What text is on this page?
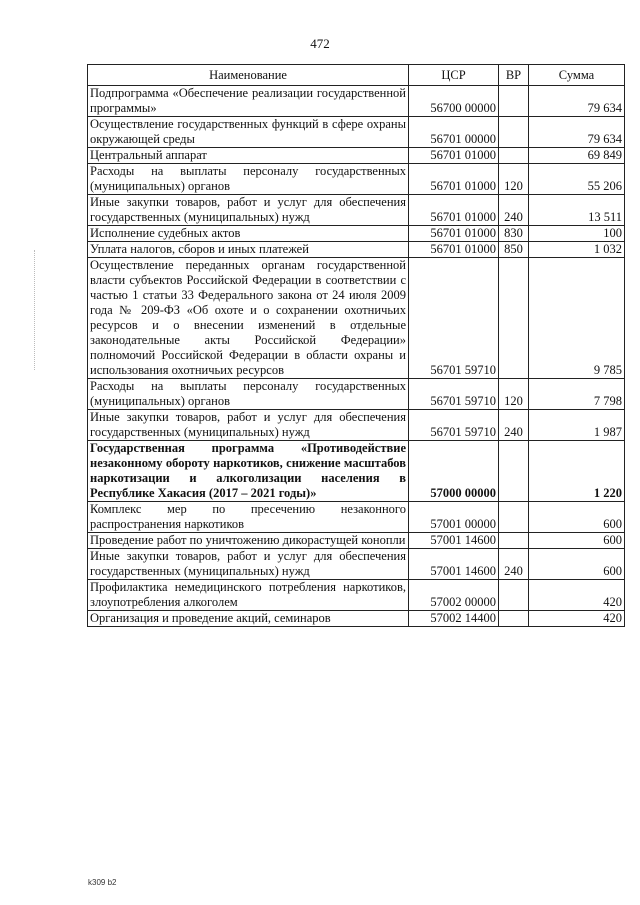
472
Наименование	ЦСР	ВР	Сумма
Подпрограмма «Обеспечение реализации государственной программы»	56700 00000		79 634
Осуществление государственных функций в сфере охраны окружающей среды	56701 00000		79 634
Центральный аппарат	56701 01000		69 849
Расходы на выплаты персоналу государственных (муниципальных) органов	56701 01000	120	55 206
Иные закупки товаров, работ и услуг для обеспечения государственных (муниципальных) нужд	56701 01000	240	13 511
Исполнение судебных актов	56701 01000	830	100
Уплата налогов, сборов и иных платежей	56701 01000	850	1 032
Осуществление переданных органам государственной власти субъектов Российской Федерации в соответствии с частью 1 статьи 33 Федерального закона от 24 июля 2009 года № 209-ФЗ «Об охоте и о сохранении охотничьих ресурсов и о внесении изменений в отдельные законодательные акты Российской Федерации» полномочий Российской Федерации в области охраны и использования охотничьих ресурсов	56701 59710		9 785
Расходы на выплаты персоналу государственных (муниципальных) органов	56701 59710	120	7 798
Иные закупки товаров, работ и услуг для обеспечения государственных (муниципальных) нужд	56701 59710	240	1 987
Государственная программа «Противодействие незаконному обороту наркотиков, снижение масштабов наркотизации и алкоголизации населения в Республике Хакасия (2017 – 2021 годы)»	57000 00000		1 220
Комплекс мер по пресечению незаконного распространения наркотиков	57001 00000		600
Проведение работ по уничтожению дикорастущей конопли	57001 14600		600
Иные закупки товаров, работ и услуг для обеспечения государственных (муниципальных) нужд	57001 14600	240	600
Профилактика немедицинского потребления наркотиков, злоупотребления алкоголем	57002 00000		420
Организация и проведение акций, семинаров	57002 14400		420
k309 b2
